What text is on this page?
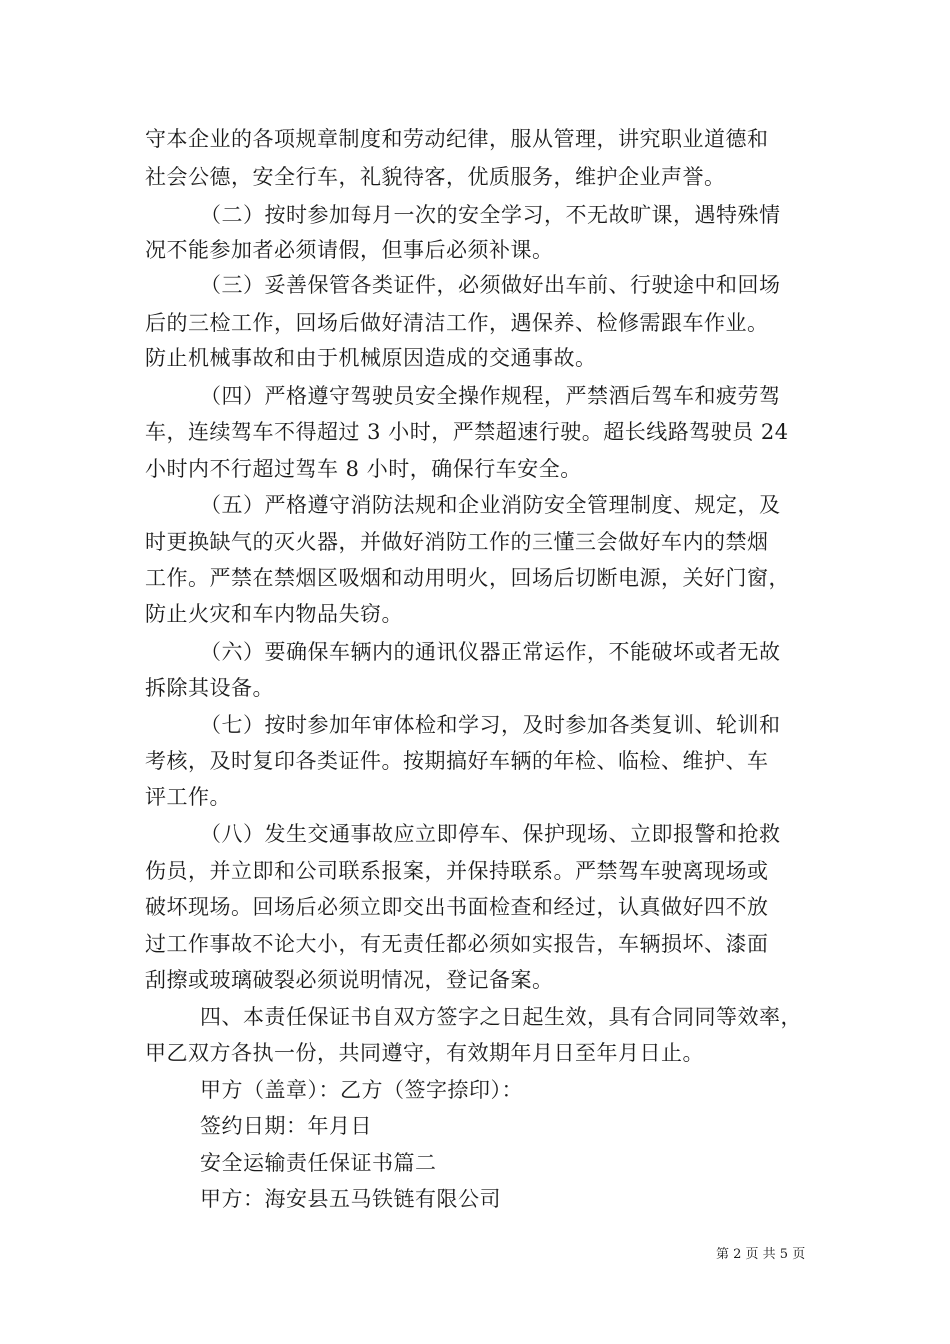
守本企业的各项规章制度和劳动纪律，服从管理，讲究职业道德和
社会公德，安全行车，礼貌待客，优质服务，维护企业声誉。
（二）按时参加每月一次的安全学习，不无故旷课，遇特殊情
况不能参加者必须请假，但事后必须补课。
（三）妥善保管各类证件，必须做好出车前、行驶途中和回场
后的三检工作，回场后做好清洁工作，遇保养、检修需跟车作业。
防止机械事故和由于机械原因造成的交通事故。
（四）严格遵守驾驶员安全操作规程，严禁酒后驾车和疲劳驾
车，连续驾车不得超过 3 小时，严禁超速行驶。超长线路驾驶员 24
小时内不行超过驾车 8 小时，确保行车安全。
（五）严格遵守消防法规和企业消防安全管理制度、规定，及
时更换缺气的灭火器，并做好消防工作的三懂三会做好车内的禁烟
工作。严禁在禁烟区吸烟和动用明火，回场后切断电源，关好门窗，
防止火灾和车内物品失窃。
（六）要确保车辆内的通讯仪器正常运作，不能破坏或者无故
拆除其设备。
（七）按时参加年审体检和学习，及时参加各类复训、轮训和
考核，及时复印各类证件。按期搞好车辆的年检、临检、维护、车
评工作。
（八）发生交通事故应立即停车、保护现场、立即报警和抢救
伤员，并立即和公司联系报案，并保持联系。严禁驾车驶离现场或
破坏现场。回场后必须立即交出书面检查和经过，认真做好四不放
过工作事故不论大小，有无责任都必须如实报告，车辆损坏、漆面
刮擦或玻璃破裂必须说明情况，登记备案。
四、本责任保证书自双方签字之日起生效，具有合同同等效率，
甲乙双方各执一份，共同遵守，有效期年月日至年月日止。
甲方（盖章）：乙方（签字捺印）：
签约日期：年月日
安全运输责任保证书篇二
甲方：海安县五马铁链有限公司
第 2 页 共 5 页
